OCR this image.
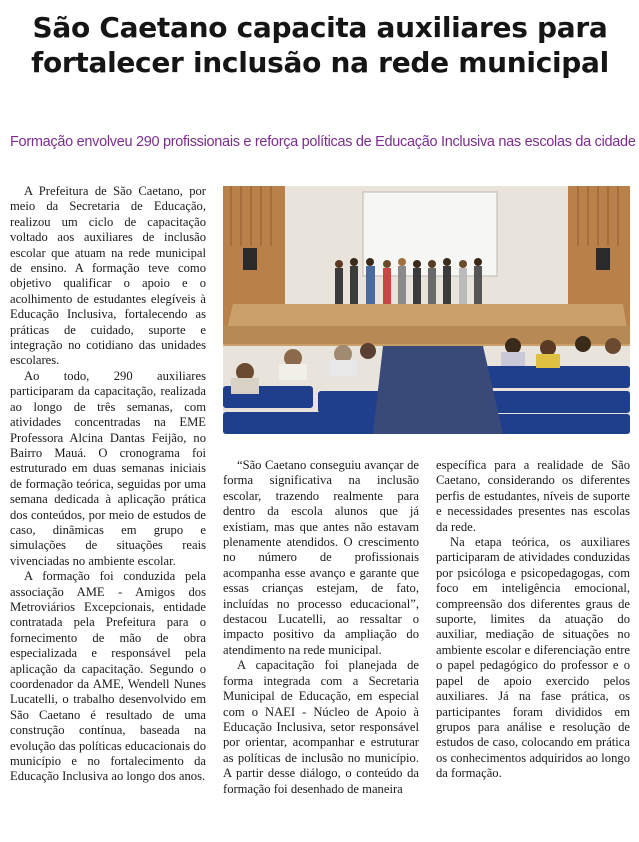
São Caetano capacita auxiliares para
fortalecer inclusão na rede municipal
Formação envolveu 290 profissionais e reforça políticas de Educação Inclusiva nas escolas da cidade

A Prefeitura de São Caetano, por meio da Secretaria de Educação, realizou um ciclo de capacitação voltado aos auxiliares de inclusão escolar que atuam na rede municipal de ensino. A formação teve como objetivo qualificar o apoio e o acolhimento de estudantes elegíveis à Educação Inclusiva, fortalecendo as práticas de cuidado, suporte e integração no cotidiano das unidades escolares.

Ao todo, 290 auxiliares participaram da capacitação, realizada ao longo de três semanas, com atividades concentradas na EME Professora Alcina Dantas Feijão, no Bairro Mauá. O cronograma foi estruturado em duas semanas iniciais de formação teórica, seguidas por uma semana dedicada à aplicação prática dos conteúdos, por meio de estudos de caso, dinâmicas em grupo e simulações de situações reais vivenciadas no ambiente escolar.

A formação foi conduzida pela associação AME - Amigos dos Metroviários Excepcionais, entidade contratada pela Prefeitura para o fornecimento de mão de obra especializada e responsável pela aplicação da capacitação. Segundo o coordenador da AME, Wendell Nunes Lucatelli, o trabalho desenvolvido em São Caetano é resultado de uma construção contínua, baseada na evolução das políticas educacionais do município e no fortalecimento da Educação Inclusiva ao longo dos anos.

“São Caetano conseguiu avançar de forma significativa na inclusão escolar, trazendo realmente para dentro da escola alunos que já existiam, mas que antes não estavam plenamente atendidos. O crescimento no número de profissionais acompanha esse avanço e garante que essas crianças estejam, de fato, incluídas no processo educacional”, destacou Lucatelli, ao ressaltar o impacto positivo da ampliação do atendimento na rede municipal.

A capacitação foi planejada de forma integrada com a Secretaria Municipal de Educação, em especial com o NAEI - Núcleo de Apoio à Educação Inclusiva, setor responsável por orientar, acompanhar e estruturar as políticas de inclusão no município. A partir desse diálogo, o conteúdo da formação foi desenhado de maneira

específica para a realidade de São Caetano, considerando os diferentes perfis de estudantes, níveis de suporte e necessidades presentes nas escolas da rede.

Na etapa teórica, os auxiliares participaram de atividades conduzidas por psicóloga e psicopedagogas, com foco em inteligência emocional, compreensão dos diferentes graus de suporte, limites da atuação do auxiliar, mediação de situações no ambiente escolar e diferenciação entre o papel pedagógico do professor e o papel de apoio exercido pelos auxiliares. Já na fase prática, os participantes foram divididos em grupos para análise e resolução de estudos de caso, colocando em prática os conhecimentos adquiridos ao longo da formação.
